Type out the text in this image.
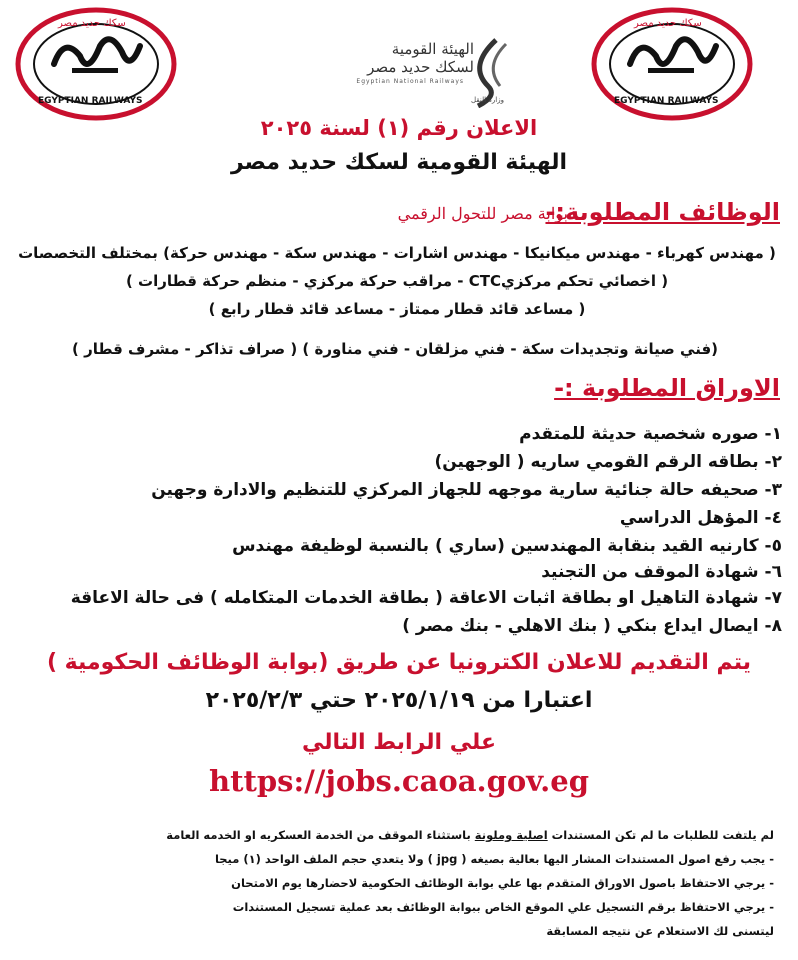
سكك حديد مصر
EGYPTIAN RAILWAYS
سكك حديد مصر
EGYPTIAN RAILWAYS
الهيئة القومية
لسكك حديد مصر
Egyptian National Railways
وزارة النقل
الاعلان رقم (١) لسنة ٢٠٢٥
الهيئة القومية لسكك حديد مصر
بوابة مصر للتحول الرقمي
الوظائف المطلوبة:-
( مهندس كهرباء - مهندس ميكانيكا - مهندس اشارات - مهندس سكة - مهندس حركة) بمختلف التخصصات
( اخصائي تحكم مركزيCTC - مراقب حركة مركزي - منظم حركة قطارات )
( مساعد قائد قطار ممتاز - مساعد قائد قطار رابع )
(فني صيانة وتجديدات سكة - فني مزلقان - فني مناورة ) ( صراف تذاكر - مشرف قطار )
الاوراق المطلوبة :-
١- صوره شخصية حديثة للمتقدم
٢- بطاقه الرقم القومي ساريه ( الوجهين)
٣- صحيفه حالة جنائية سارية موجهه للجهاز المركزي للتنظيم والادارة وجهين
٤- المؤهل الدراسي
٥- كارنيه القيد بنقابة المهندسين (ساري ) بالنسبة لوظيفة مهندس
٦- شهادة الموقف من التجنيد
٧- شهادة التاهيل او بطاقة اثبات الاعاقة ( بطاقة الخدمات المتكامله ) فى حالة الاعاقة
٨- ايصال ايداع بنكي ( بنك الاهلي - بنك مصر )
يتم التقديم للاعلان الكترونيا عن طريق (بوابة الوظائف الحكومية )
اعتبارا من ٢٠٢٥/١/١٩ حتي ٢٠٢٥/٢/٣
علي الرابط التالي
https://jobs.caoa.gov.eg
لم يلتفت للطلبات ما لم تكن المستندات اصلية وملونة باستثناء الموقف من الخدمة العسكريه او الخدمه العامة
- يجب رفع اصول المستندات المشار اليها بعالية بصيغه ( jpg ) ولا يتعدي حجم الملف الواحد (١) ميجا
- يرجي الاحتفاظ باصول الاوراق المتقدم بها علي بوابة الوظائف الحكومية لاحضارها يوم الامتحان
- يرجي الاحتفاظ برقم التسجيل علي الموقع الخاص ببوابة الوظائف بعد عملية تسجيل المستندات
ليتسنى لك الاستعلام عن نتيجه المسابقة
